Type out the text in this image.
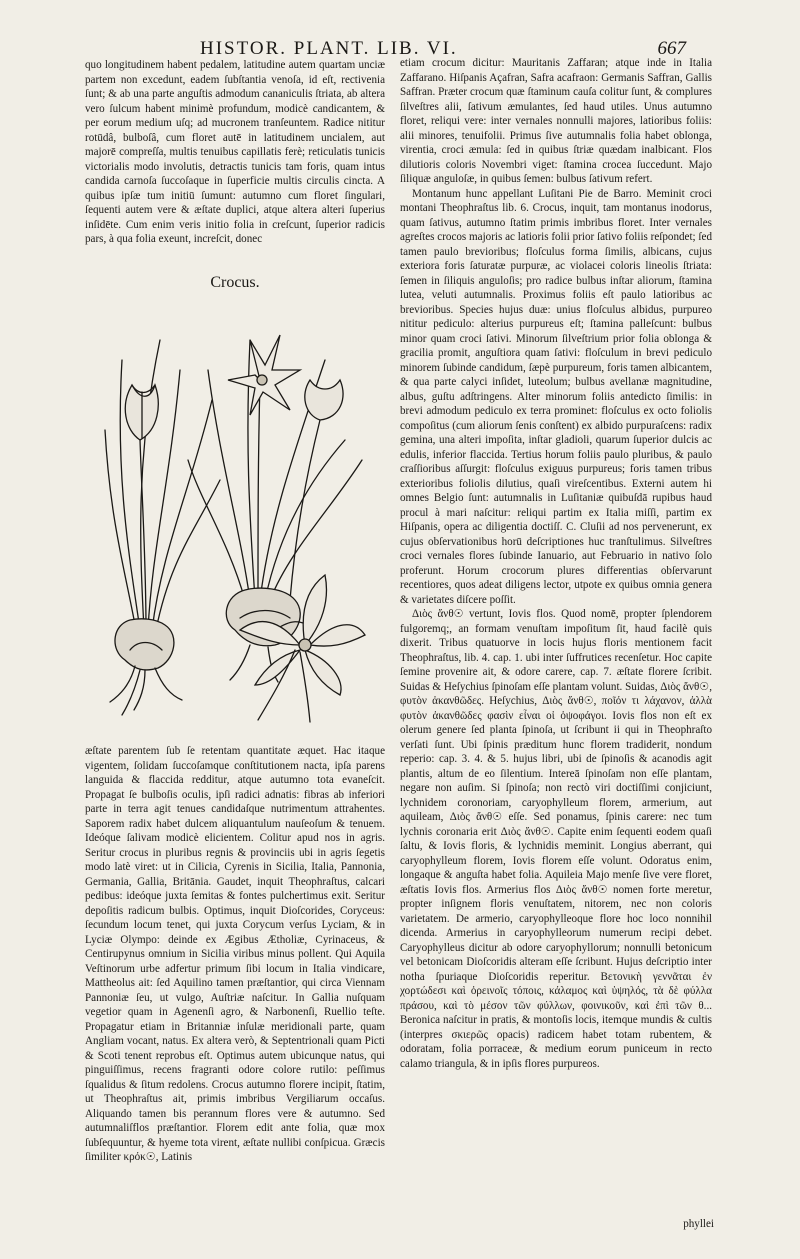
HISTOR. PLANT. LIB. VI.	667

quo longitudinem habent pedalem, latitudine autem quartam unciæ partem non excedunt, eadem ſubſtantia venoſa, id eſt, rectivenia ſunt; & ab una parte anguſtis admodum cananiculis ſtriata, ab altera vero ſulcum habent minimè profundum, modicè candicantem, & per eorum medium uſq; ad mucronem tranſeuntem. Radice nititur rotūdâ, bulboſâ, cum floret autē in latitudinem uncialem, aut majorē compreſſa, multis tenuibus capillatis ferè; reticulatis tunicis victorialis modo involutis, detractis tunicis tam foris, quam intus candida carnoſa ſuccoſaque in ſuperficie multis circulis cincta. A quibus ipſæ tum initiū ſumunt: autumno cum floret ſingulari, ſequenti autem vere & æſtate duplici, atque altera alteri ſuperius inſidēte. Cum enim veris initio folia in creſcunt, ſuperior radicis pars, à qua folia exeunt, increſcit, donec

Crocus.

æſtate parentem ſub ſe retentam quantitate æquet. Hac itaque vigentem, ſolidam ſuccoſamque conſtitutionem nacta, ipſa parens languida & flaccida redditur, atque autumno tota evaneſcit. Propagat ſe bulboſis oculis, ipſi radici adnatis: fibras ab inferiori parte in terra agit tenues candidaſque nutrimentum attrahentes. Saporem radix habet dulcem aliquantulum nauſeoſum & tenuem. Ideóque ſalivam modicè elicientem. Colitur apud nos in agris. Seritur crocus in pluribus regnis & provinciis ubi in agris ſegetis modo latè viret: ut in Cilicia, Cyrenis in Sicilia, Italia, Pannonia, Germania, Gallia, Britānia. Gaudet, inquit Theophraſtus, calcari pedibus: ideóque juxta ſemitas & fontes pulchertimus exit. Seritur depoſitis radicum bulbis. Optimus, inquit Dioſcorides, Coryceus: ſecundum locum tenet, qui juxta Corycum verſus Lyciam, & in Lyciæ Olympo: deinde ex Ægibus Ætholiæ, Cyrinaceus, & Centirupynus omnium in Sicilia viribus minus pollent. Qui Aquila Veſtinorum urbe adfertur primum ſibi locum in Italia vindicare, Mattheolus ait: ſed Aquilino tamen præſtantior, qui circa Viennam Pannoniæ ſeu, ut vulgo, Auſtriæ naſcitur. In Gallia nuſquam vegetior quam in Agenenſi agro, & Narbonenſi, Ruellio teſte. Propagatur etiam in Britanniæ inſulæ meridionali parte, quam Angliam vocant, natus. Ex altera verò, & Septentrionali quam Picti & Scoti tenent reprobus eſt. Optimus autem ubicunque natus, qui pinguiſſimus, recens fragranti odore colore rutilo: peſſimus ſqualidus & ſitum redolens. Crocus autumno florere incipit, ſtatim, ut Theophraſtus ait, primis imbribus Vergiliarum occaſus. Aliquando tamen bis perannum flores vere & autumno. Sed autumnaliſflos præſtantior. Florem edit ante folia, quæ mox ſubſequuntur, & hyeme tota virent, æſtate nullibi conſpicua. Græcis ſimiliter κρόκ☉, Latinis

etiam crocum dicitur: Mauritanis Zaffaran; atque inde in Italia Zaffarano. Hiſpanis Açafran, Safra acafraon: Germanis Saffran, Gallis Saffran. Præter crocum quæ ſtaminum cauſa colitur ſunt, & complures ſilveſtres alii, ſativum æmulantes, ſed haud utiles. Unus autumno floret, reliqui vere: inter vernales nonnulli majores, latioribus foliis: alii minores, tenuifolii. Primus ſive autumnalis folia habet oblonga, virentia, croci æmula: ſed in quibus ſtriæ quædam inalbicant. Flos dilutioris coloris Novembri viget: ſtamina crocea ſuccedunt. Majo ſiliquæ anguloſæ, in quibus ſemen: bulbus ſativum refert.

Montanum hunc appellant Luſitani Pie de Barro. Meminit croci montani Theophraſtus lib. 6. Crocus, inquit, tam montanus inodorus, quam ſativus, autumno ſtatim primis imbribus floret. Inter vernales agreſtes crocos majoris ac latioris folii prior ſativo foliis reſpondet; ſed tamen paulo brevioribus; floſculus forma ſimilis, albicans, cujus exteriora foris ſaturatæ purpuræ, ac violacei coloris lineolis ſtriata: ſemen in ſiliquis anguloſis; pro radice bulbus inſtar aliorum, ſtamina lutea, veluti autumnalis. Proximus foliis eſt paulo latioribus ac brevioribus. Species hujus duæ: unius floſculus albidus, purpureo nititur pediculo: alterius purpureus eſt; ſtamina palleſcunt: bulbus minor quam croci ſativi. Minorum ſilveſtrium prior folia oblonga & gracilia promit, anguſtiora quam ſativi: floſculum in brevi pediculo minorem ſubinde candidum, ſæpè purpureum, foris tamen albicantem, & qua parte calyci inſidet, luteolum; bulbus avellanæ magnitudine, albus, guſtu adſtringens. Alter minorum foliis antedicto ſimilis: in brevi admodum pediculo ex terra prominet: floſculus ex octo foliolis compoſitus (cum aliorum ſenis conſtent) ex albido purpuraſcens: radix gemina, una alteri impoſita, inſtar gladioli, quarum ſuperior dulcis ac edulis, inferior flaccida. Tertius horum foliis paulo pluribus, & paulo craſſioribus aſſurgit: floſculus exiguus purpureus; foris tamen tribus exterioribus foliolis dilutius, quaſi vireſcentibus. Externi autem hi omnes Belgio ſunt: autumnalis in Luſitaniæ quibuſdā rupibus haud procul à mari naſcitur: reliqui partim ex Italia miſſi, partim ex Hiſpanis, opera ac diligentia doctiſſ. C. Cluſii ad nos pervenerunt, ex cujus obſervationibus horū deſcriptiones huc tranſtulimus. Silveſtres croci vernales flores ſubinde Ianuario, aut Februario in nativo ſolo proferunt. Horum crocorum plures differentias obſervarunt recentiores, quos adeat diligens lector, utpote ex quibus omnia genera & varietates diſcere poſſit.

Διὸς ἄνθ☉ vertunt, Iovis flos. Quod nomē, propter ſplendorem fulgoremq;, an formam venuſtam impoſitum ſit, haud facilè quis dixerit. Tribus quatuorve in locis hujus floris mentionem facit Theophraſtus, lib. 4. cap. 1. ubi inter ſuffrutices recenſetur. Hoc capite ſemine provenire ait, & odore carere, cap. 7. æſtate florere ſcribit. Suidas & Heſychius ſpinoſam eſſe plantam volunt. Suidas, Διὸς ἄνθ☉, φυτὸν ἀκανθῶδες. Heſychius, Διὸς ἄνθ☉, ποῖόν τι λάχανον, ἀλλὰ φυτὸν ἀκανθῶδες φασὶν εἶναι οἱ ὀψοφάγοι. Iovis flos non eſt ex olerum genere ſed planta ſpinoſa, ut ſcribunt ii qui in Theophraſto verſati ſunt. Ubi ſpinis præditum hunc florem tradiderit, nondum reperio: cap. 3. 4. & 5. hujus libri, ubi de ſpinoſis & acanodis agit plantis, altum de eo ſilentium. Intereā ſpinoſam non eſſe plantam, negare non auſim. Si ſpinoſa; non rectò viri doctiſſimi conjiciunt, lychnidem coronoriam, caryophylleum florem, armerium, aut aquileam, Διὸς ἄνθ☉ eſſe. Sed ponamus, ſpinis carere: nec tum lychnis coronaria erit Διὸς ἄνθ☉. Capite enim ſequenti eodem quaſi ſaltu, & Iovis floris, & lychnidis meminit. Longius aberrant, qui caryophylleum florem, Iovis florem eſſe volunt. Odoratus enim, longaque & anguſta habet folia. Aquileia Majo menſe ſive vere floret, æſtatis Iovis flos. Armerius flos Διὸς ἄνθ☉ nomen forte meretur, propter inſignem floris venuſtatem, nitorem, nec non coloris varietatem. De armerio, caryophylleoque flore hoc loco nonnihil dicenda. Armerius in caryophylleorum numerum recipi debet. Caryophylleus dicitur ab odore caryophyllorum; nonnulli betonicum vel betonicam Dioſcoridis alteram eſſe ſcribunt. Hujus deſcriptio inter notha ſpuriaque Dioſcoridis reperitur. Βετονικὴ γεννᾶται ἐν χορτώδεσι καὶ ὀρεινοῖς τόποις, κάλαμος καὶ ὑψηλός, τὰ δὲ φύλλα πράσου, καὶ τὸ μέσον τῶν φύλλων, φοινικοῦν, καὶ ἐπὶ τῶν θ... Beronica naſcitur in pratis, & montoſis locis, itemque mundis & cultis (interpres σκιερῶς opacis) radicem habet totam rubentem, & odoratam, folia porraceæ, & medium eorum puniceum in recto calamo triangula, & in ipſis flores purpureos.

phyllei
